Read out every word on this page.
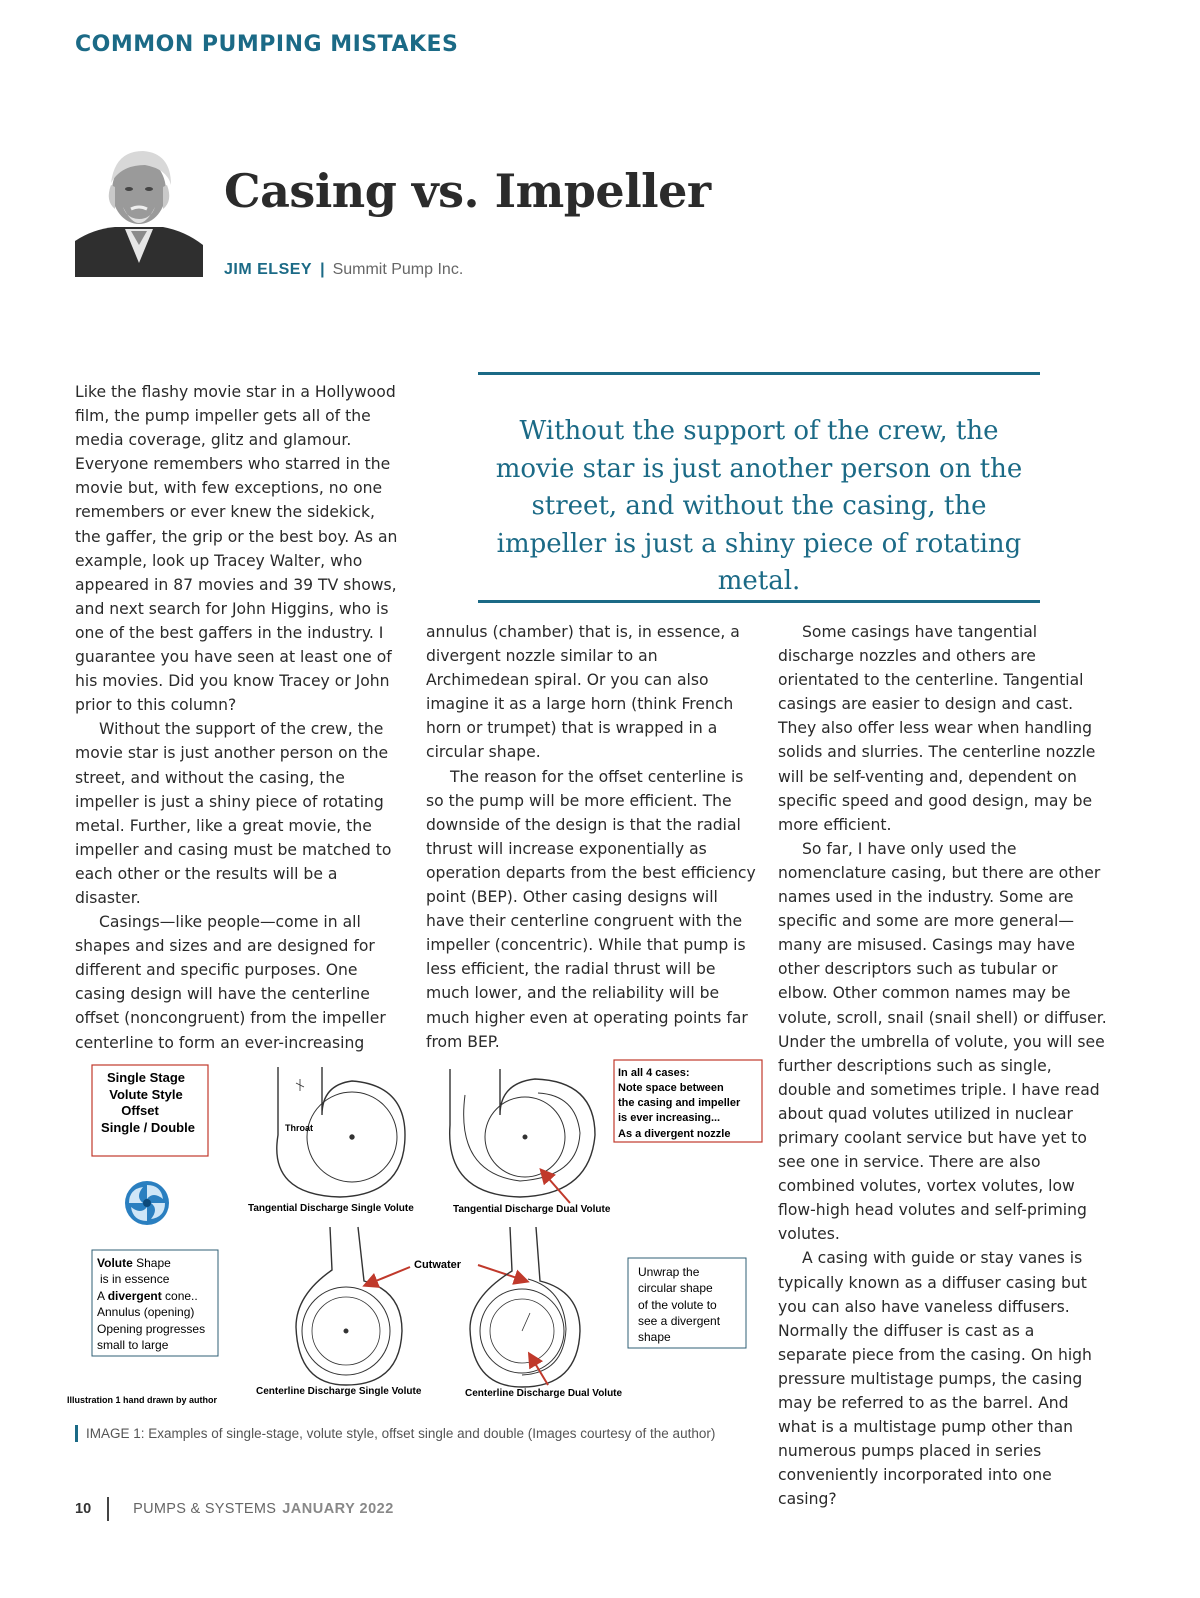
COMMON PUMPING MISTAKES
Casing vs. Impeller
JIM ELSEY | Summit Pump Inc.

Without the support of the crew, the movie star is just another person on the street, and without the casing, the impeller is just a shiny piece of rotating metal.

Like the flashy movie star in a Hollywood film, the pump impeller gets all of the media coverage, glitz and glamour. Everyone remembers who starred in the movie but, with few exceptions, no one remembers or ever knew the sidekick, the gaffer, the grip or the best boy. As an example, look up Tracey Walter, who appeared in 87 movies and 39 TV shows, and next search for John Higgins, who is one of the best gaffers in the industry. I guarantee you have seen at least one of his movies. Did you know Tracey or John prior to this column?

Without the support of the crew, the movie star is just another person on the street, and without the casing, the impeller is just a shiny piece of rotating metal. Further, like a great movie, the impeller and casing must be matched to each other or the results will be a disaster.

Casings—like people—come in all shapes and sizes and are designed for different and specific purposes. One casing design will have the centerline offset (noncongruent) from the impeller centerline to form an ever-increasing

annulus (chamber) that is, in essence, a divergent nozzle similar to an Archimedean spiral. Or you can also imagine it as a large horn (think French horn or trumpet) that is wrapped in a circular shape.

The reason for the offset centerline is so the pump will be more efficient. The downside of the design is that the radial thrust will increase exponentially as operation departs from the best efficiency point (BEP). Other casing designs will have their centerline congruent with the impeller (concentric). While that pump is less efficient, the radial thrust will be much lower, and the reliability will be much higher even at operating points far from BEP.

Some casings have tangential discharge nozzles and others are orientated to the centerline. Tangential casings are easier to design and cast. They also offer less wear when handling solids and slurries. The centerline nozzle will be self-venting and, dependent on specific speed and good design, may be more efficient.

So far, I have only used the nomenclature casing, but there are other names used in the industry. Some are specific and some are more general—many are misused. Casings may have other descriptors such as tubular or elbow. Other common names may be volute, scroll, snail (snail shell) or diffuser. Under the umbrella of volute, you will see further descriptions such as single, double and sometimes triple. I have read about quad volutes utilized in nuclear primary coolant service but have yet to see one in service. There are also combined volutes, vortex volutes, low flow-high head volutes and self-priming volutes.

A casing with guide or stay vanes is typically known as a diffuser casing but you can also have vaneless diffusers. Normally the diffuser is cast as a separate piece from the casing. On high pressure multistage pumps, the casing may be referred to as the barrel. And what is a multistage pump other than numerous pumps placed in series conveniently incorporated into one casing?

Single Stage
Volute Style
Offset
Single / Double
Volute Shape
is in essence
A divergent cone..
Annulus (opening)
Opening progresses
small to large
Throat
Tangential Discharge Single Volute	Tangential Discharge Dual Volute
In all 4 cases:
Note space between
the casing and impeller
is ever increasing...
As a divergent nozzle
Centerline Discharge Single Volute
Cutwater
Centerline Discharge Dual Volute
Unwrap the
circular shape
of the volute to
see a divergent
shape
Illustration 1 hand drawn by author
IMAGE 1: Examples of single-stage, volute style, offset single and double (Images courtesy of the author)
10	PUMPS & SYSTEMS JANUARY 2022
